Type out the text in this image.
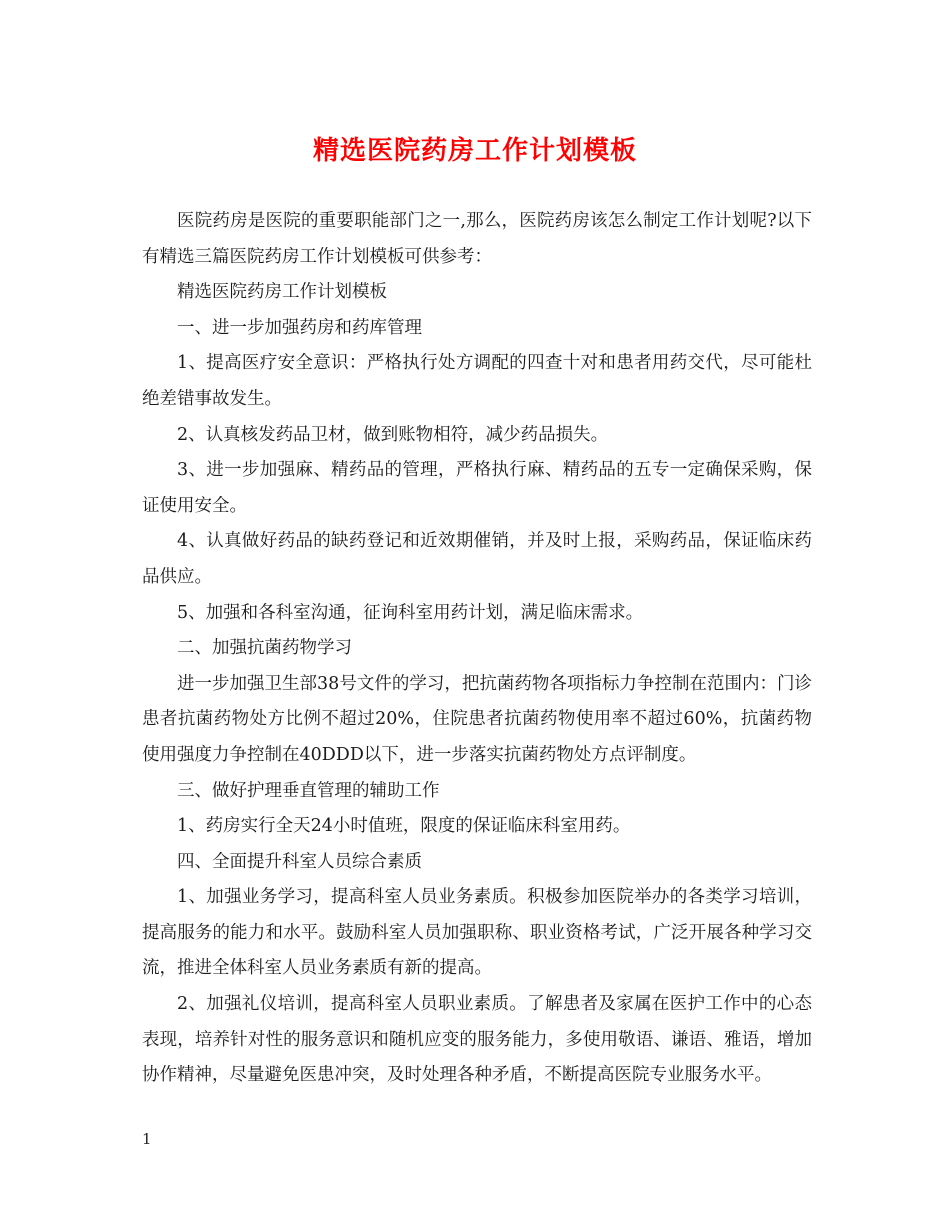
精选医院药房工作计划模板

医院药房是医院的重要职能部门之一,那么，医院药房该怎么制定工作计划呢?以下有精选三篇医院药房工作计划模板可供参考：

精选医院药房工作计划模板

一、进一步加强药房和药库管理

1、提高医疗安全意识：严格执行处方调配的四查十对和患者用药交代，尽可能杜绝差错事故发生。

2、认真核发药品卫材，做到账物相符，减少药品损失。

3、进一步加强麻、精药品的管理，严格执行麻、精药品的五专一定确保采购，保证使用安全。

4、认真做好药品的缺药登记和近效期催销，并及时上报，采购药品，保证临床药品供应。

5、加强和各科室沟通，征询科室用药计划，满足临床需求。

二、加强抗菌药物学习

进一步加强卫生部38号文件的学习，把抗菌药物各项指标力争控制在范围内：门诊患者抗菌药物处方比例不超过20%，住院患者抗菌药物使用率不超过60%，抗菌药物使用强度力争控制在40DDD以下，进一步落实抗菌药物处方点评制度。

三、做好护理垂直管理的辅助工作

1、药房实行全天24小时值班，限度的保证临床科室用药。

四、全面提升科室人员综合素质

1、加强业务学习，提高科室人员业务素质。积极参加医院举办的各类学习培训，提高服务的能力和水平。鼓励科室人员加强职称、职业资格考试，广泛开展各种学习交流，推进全体科室人员业务素质有新的提高。

2、加强礼仪培训，提高科室人员职业素质。了解患者及家属在医护工作中的心态表现，培养针对性的服务意识和随机应变的服务能力，多使用敬语、谦语、雅语，增加协作精神，尽量避免医患冲突，及时处理各种矛盾，不断提高医院专业服务水平。

1
